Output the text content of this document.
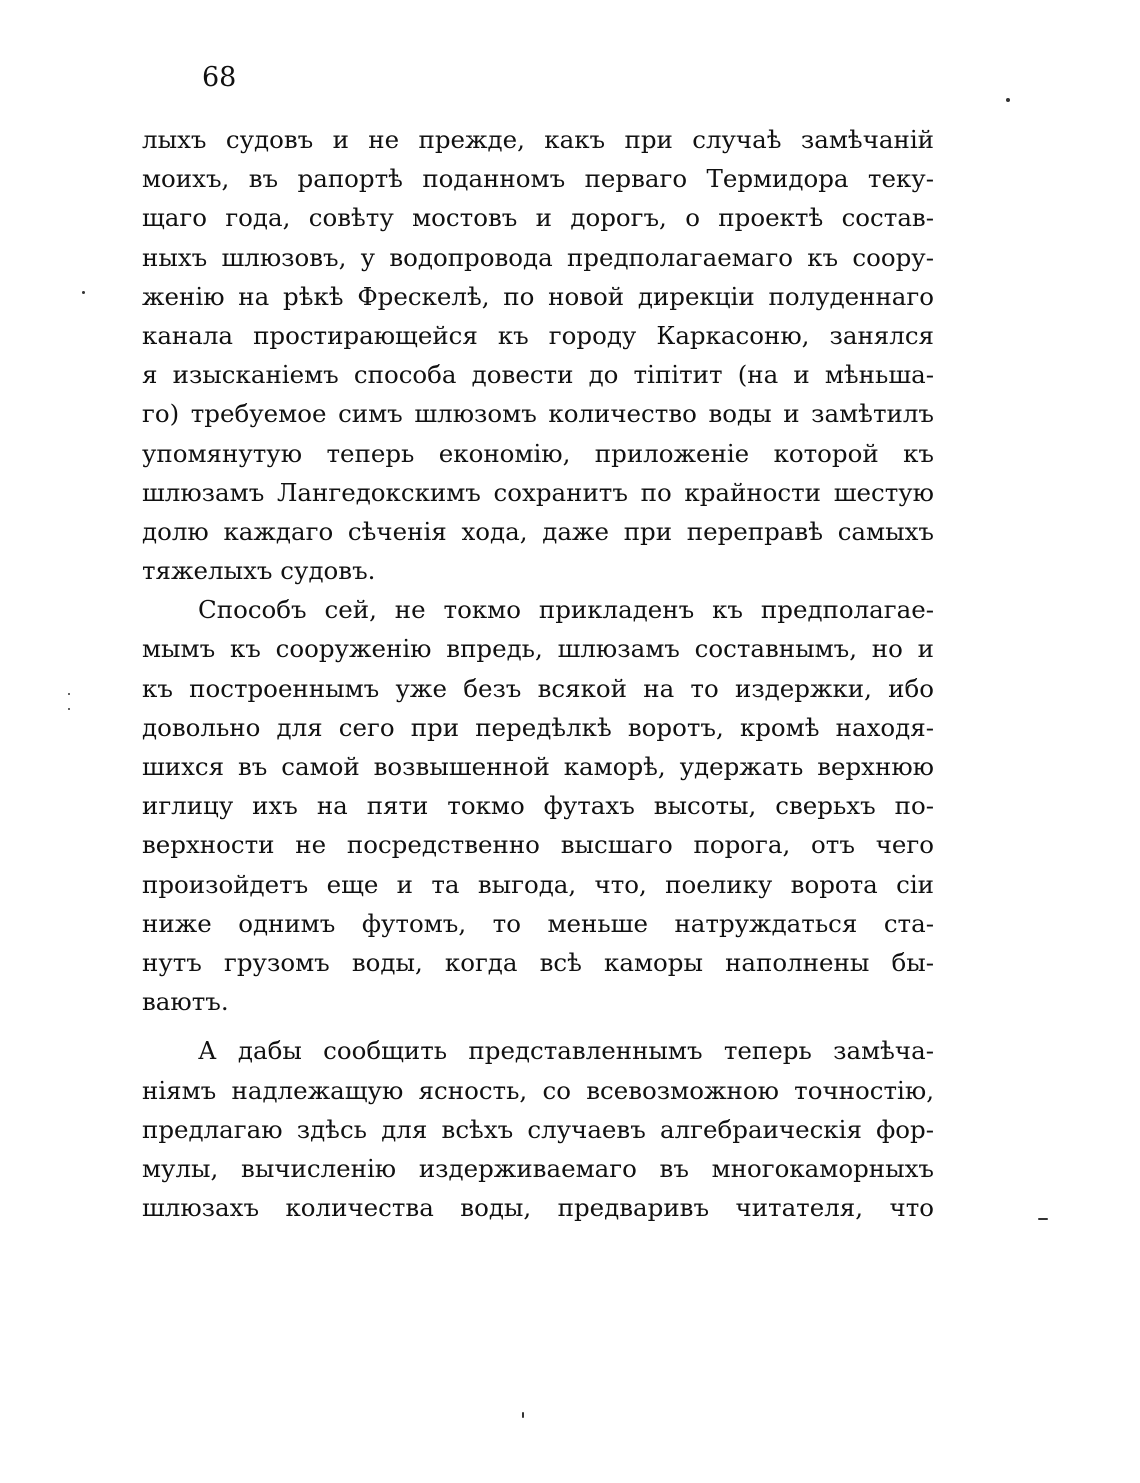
68
лыхъ судовъ и не прежде, какъ при случаѣ замѣчаній
моихъ, въ рапортѣ поданномъ перваго Термидора теку-
щаго года, совѣту мостовъ и дорогъ, о проектѣ состав-
ныхъ шлюзовъ, у водопровода предполагаемаго къ соору-
женію на рѣкѣ Фрескелѣ, по новой дирекціи полуденнаго
канала простирающейся къ городу Каркасоню, занялся
я изысканіемъ способа довести до тіпітит (на и мѣньша-
го) требуемое симъ шлюзомъ количество воды и замѣтилъ
упомянутую теперь економію, приложеніе которой къ
шлюзамъ Лангедокскимъ сохранитъ по крайности шестую
долю каждаго сѣченія хода, даже при переправѣ самыхъ
тяжелыхъ судовъ.
Способъ сей, не токмо прикладенъ къ предполагае-
мымъ къ сооруженію впредь, шлюзамъ составнымъ, но и
къ построеннымъ уже безъ всякой на то издержки, ибо
довольно для сего при передѣлкѣ воротъ, кромѣ находя-
шихся въ самой возвышенной каморѣ, удержать верхнюю
иглицу ихъ на пяти токмо футахъ высоты, сверьхъ по-
верхности не посредственно высшаго порога, отъ чего
произойдетъ еще и та выгода, что, поелику ворота сіи
ниже однимъ футомъ, то меньше натруждаться ста-
нутъ грузомъ воды, когда всѣ каморы наполнены бы-
ваютъ.
А дабы сообщить представленнымъ теперь замѣча-
ніямъ надлежащую ясность, со всевозможною точностію,
предлагаю здѣсь для всѣхъ случаевъ алгебраическія фор-
мулы, вычисленію издерживаемаго въ многокаморныхъ
шлюзахъ количества воды, предваривъ читателя, что
